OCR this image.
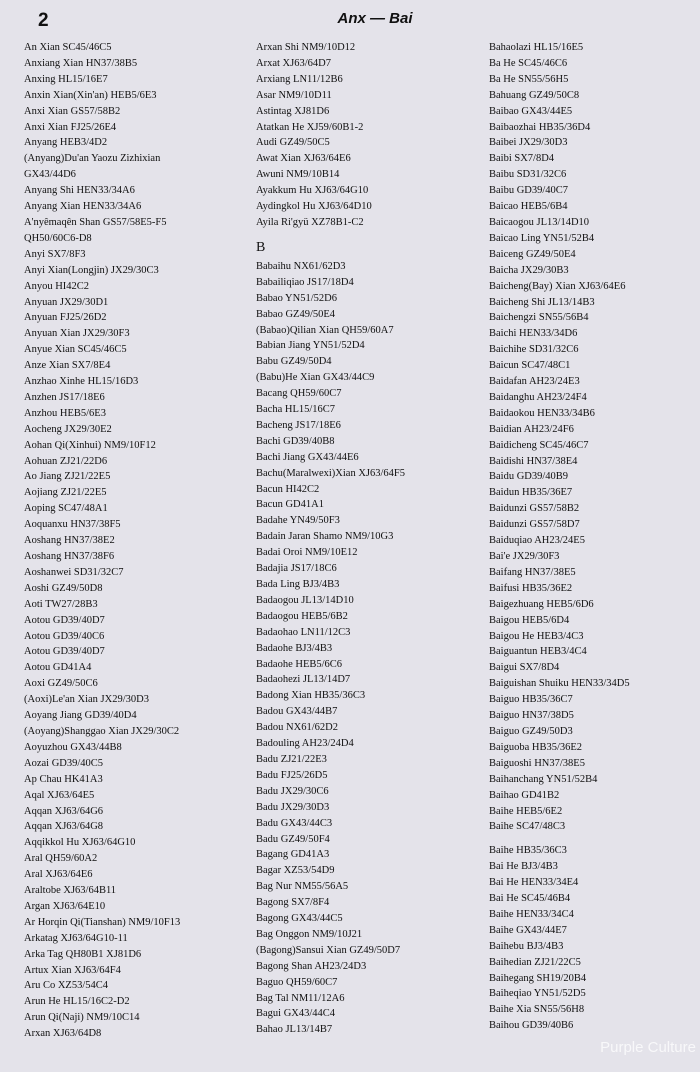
2	Anx — Bai
An Xian SC45/46C5
Anxiang Xian HN37/38B5
Anxing HL15/16E7
Anxin Xian(Xin'an) HEB5/6E3
Anxi Xian GS57/58B2
Anxi Xian FJ25/26E4
Anyang HEB3/4D2
(Anyang)Du'an Yaozu Zizhixian
GX43/44D6
Anyang Shi HEN33/34A6
Anyang Xian HEN33/34A6
A'nyêmaqên Shan GS57/58E5-F5
QH50/60C6-D8
Anyi SX7/8F3
Anyi Xian(Longjin) JX29/30C3
Anyou HI42C2
Anyuan JX29/30D1
Anyuan FJ25/26D2
Anyuan Xian JX29/30F3
Anyue Xian SC45/46C5
Anze Xian SX7/8E4
Anzhao Xinhe HL15/16D3
Anzhen JS17/18E6
Anzhou HEB5/6E3
Aocheng JX29/30E2
Aohan Qi(Xinhui) NM9/10F12
Aohuan ZJ21/22D6
Ao Jiang ZJ21/22E5
Aojiang ZJ21/22E5
Aoping SC47/48A1
Aoquanxu HN37/38F5
Aoshang HN37/38E2
Aoshang HN37/38F6
Aoshanwei SD31/32C7
Aoshi GZ49/50D8
Aoti TW27/28B3
Aotou GD39/40D7
Aotou GD39/40C6
Aotou GD39/40D7
Aotou GD41A4
Aoxi GZ49/50C6
(Aoxi)Le'an Xian JX29/30D3
Aoyang Jiang GD39/40D4
(Aoyang)Shanggao Xian JX29/30C2
Aoyuzhou GX43/44B8
Aozai GD39/40C5
Ap Chau HK41A3
Aqal XJ63/64E5
Aqqan XJ63/64G6
Aqqan XJ63/64G8
Aqqikkol Hu XJ63/64G10
Aral QH59/60A2
Aral XJ63/64E6
Araltobe XJ63/64B11
Argan XJ63/64E10
Ar Horqin Qi(Tianshan) NM9/10F13
Arkatag XJ63/64G10-11
Arka Tag QH80B1 XJ81D6
Artux Xian XJ63/64F4
Aru Co XZ53/54C4
Arun He HL15/16C2-D2
Arun Qi(Naji) NM9/10C14
Arxan XJ63/64D8
Arxan Shi NM9/10D12
Arxat XJ63/64D7
Arxiang LN11/12B6
Asar NM9/10D11
Astintag XJ81D6
Atatkan He XJ59/60B1-2
Audi GZ49/50C5
Awat Xian XJ63/64E6
Awuni NM9/10B14
Ayakkum Hu XJ63/64G10
Aydingkol Hu XJ63/64D10
Ayila Ri'gyü XZ78B1-C2
B
Babaihu NX61/62D3
Babailiqiao JS17/18D4
Babao YN51/52D6
Babao GZ49/50E4
(Babao)Qilian Xian QH59/60A7
Babian Jiang YN51/52D4
Babu GZ49/50D4
(Babu)He Xian GX43/44C9
Bacang QH59/60C7
Bacha HL15/16C7
Bacheng JS17/18E6
Bachi GD39/40B8
Bachi Jiang GX43/44E6
Bachu(Maralwexi)Xian XJ63/64F5
Bacun HI42C2
Bacun GD41A1
Badahe YN49/50F3
Badain Jaran Shamo NM9/10G3
Badai Oroi NM9/10E12
Badajia JS17/18C6
Bada Ling BJ3/4B3
Badaogou JL13/14D10
Badaogou HEB5/6B2
Badaohao LN11/12C3
Badaohe BJ3/4B3
Badaohe HEB5/6C6
Badaohezi JL13/14D7
Badong Xian HB35/36C3
Badou GX43/44B7
Badou NX61/62D2
Badouling AH23/24D4
Badu ZJ21/22E3
Badu FJ25/26D5
Badu JX29/30C6
Badu JX29/30D3
Badu GX43/44C3
Badu GZ49/50F4
Bagang GD41A3
Bagar XZ53/54D9
Bag Nur NM55/56A5
Bagong SX7/8F4
Bagong GX43/44C5
Bag Onggon NM9/10J21
(Bagong)Sansui Xian GZ49/50D7
Bagong Shan AH23/24D3
Baguo QH59/60C7
Bag Tal NM11/12A6
Bagui GX43/44C4
Bahao JL13/14B7
Bahaolazi HL15/16E5
Ba He SC45/46C6
Ba He SN55/56H5
Bahuang GZ49/50C8
Baibao GX43/44E5
Baibaozhai HB35/36D4
Baibei JX29/30D3
Baibi SX7/8D4
Baibu SD31/32C6
Baibu GD39/40C7
Baicao HEB5/6B4
Baicaogou JL13/14D10
Baicao Ling YN51/52B4
Baiceng GZ49/50E4
Baicha JX29/30B3
Baicheng(Bay) Xian XJ63/64E6
Baicheng Shi JL13/14B3
Baichengzi SN55/56B4
Baichi HEN33/34D6
Baichihe SD31/32C6
Baicun SC47/48C1
Baidafan AH23/24E3
Baidanghu AH23/24F4
Baidaokou HEN33/34B6
Baidian AH23/24F6
Baidicheng SC45/46C7
Baidishi HN37/38E4
Baidu GD39/40B9
Baidun HB35/36E7
Baidunzi GS57/58B2
Baidunzi GS57/58D7
Baiduqiao AH23/24E5
Bai'e JX29/30F3
Baifang HN37/38E5
Baifusi HB35/36E2
Baigezhuang HEB5/6D6
Baigou HEB5/6D4
Baigou He HEB3/4C3
Baiguantun HEB3/4C4
Baigui SX7/8D4
Baiguishan Shuiku HEN33/34D5
Baiguo HB35/36C7
Baiguo HN37/38D5
Baiguo GZ49/50D3
Baiguoba HB35/36E2
Baiguoshi HN37/38E5
Baihanchang YN51/52B4
Baihao GD41B2
Baihe HEB5/6E2
Baihe SC47/48C3
Baihe HB35/36C3
Bai He BJ3/4B3
Bai He HEN33/34E4
Bai He SC45/46B4
Baihe HEN33/34C4
Baihe GX43/44E7
Baihebu BJ3/4B3
Baihedian ZJ21/22C5
Baihegang SH19/20B4
Baiheqiao YN51/52D5
Baihe Xia SN55/56H8
Baihou GD39/40B6
Purple Culture
